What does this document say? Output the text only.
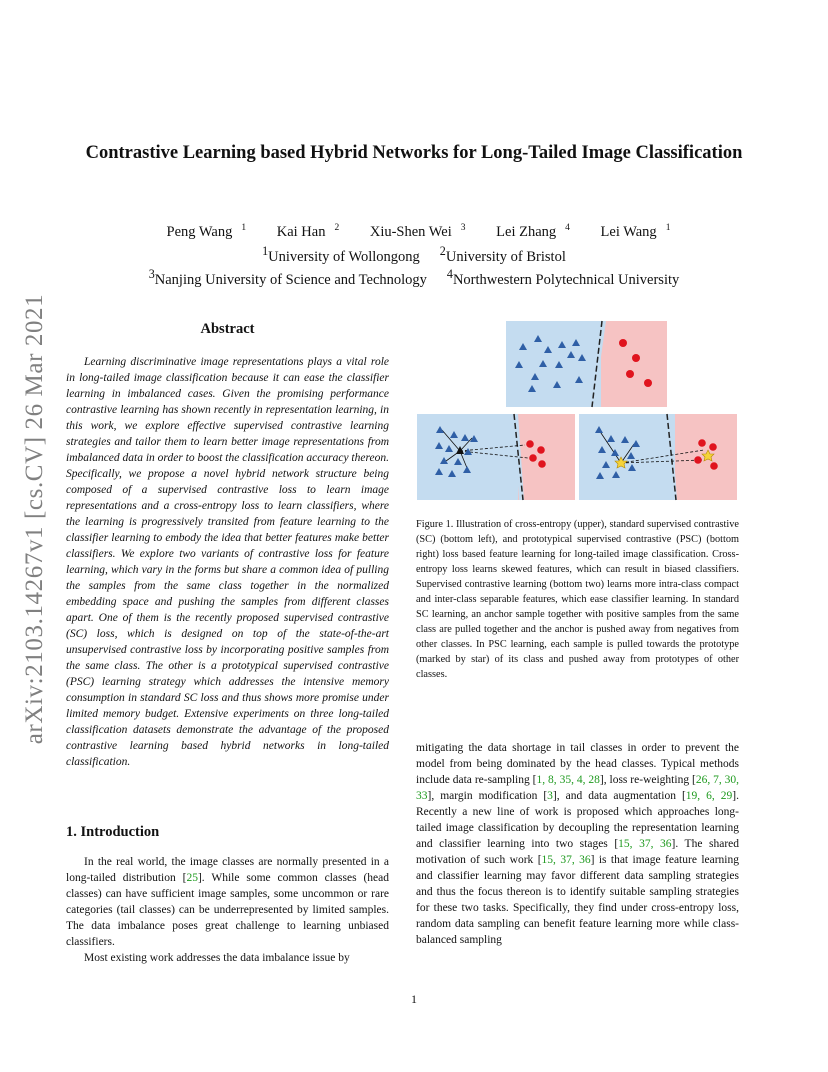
Contrastive Learning based Hybrid Networks for Long-Tailed Image Classification
Peng Wang $^1$ Kai Han $^2$ Xiu-Shen Wei $^3$ Lei Zhang $^4$ Lei Wang $^1$
$^1$University of Wollongong $^2$University of Bristol
$^3$Nanjing University of Science and Technology $^4$Northwestern Polytechnical University
arXiv:2103.14267v1 [cs.CV] 26 Mar 2021	Abstract
Learning discriminative image representations plays a vital role in long-tailed image classification because it can ease the classifier learning in imbalanced cases. Given the promising performance contrastive learning has shown recently in representation learning, in this work, we explore effective supervised contrastive learning strategies and tailor them to learn better image representations from imbalanced data in order to boost the classification accuracy thereon. Specifically, we propose a novel hybrid network structure being composed of a supervised contrastive loss to learn image representations and a cross-entropy loss to learn classifiers, where the learning is progressively transited from feature learning to the classifier learning to embody the idea that better features make better classifiers. We explore two variants of contrastive loss for feature learning, which vary in the forms but share a common idea of pulling the samples from the same class together in the normalized embedding space and pushing the samples from different classes apart. One of them is the recently proposed supervised contrastive (SC) loss, which is designed on top of the state-of-the-art unsupervised contrastive loss by incorporating positive samples from the same class. The other is a prototypical supervised contrastive (PSC) learning strategy which addresses the intensive memory consumption in standard SC loss and thus shows more promise under limited memory budget. Extensive experiments on three long-tailed classification datasets demonstrate the advantage of the proposed contrastive learning based hybrid networks in long-tailed classification.
1. Introduction

In the real world, the image classes are normally presented in a long-tailed distribution [25]. While some common classes (head classes) can have sufficient image samples, some uncommon or rare categories (tail classes) can be underrepresented by limited samples. The data imbalance poses great challenge to learning unbiased classifiers.

Most existing work addresses the data imbalance issue by

Figure 1. Illustration of cross-entropy (upper), standard supervised contrastive (SC) (bottom left), and prototypical supervised contrastive (PSC) (bottom right) loss based feature learning for long-tailed image classification. Cross-entropy loss learns skewed features, which can result in biased classifiers. Supervised contrastive learning (bottom two) learns more intra-class compact and inter-class separable features, which ease classifier learning. In standard SC learning, an anchor sample together with positive samples from the same class are pulled together and the anchor is pushed away from negatives from other classes. In PSC learning, each sample is pulled towards the prototype (marked by star) of its class and pushed away from prototypes of other classes.
mitigating the data shortage in tail classes in order to prevent the model from being dominated by the head classes. Typical methods include data re-sampling [1, 8, 35, 4, 28], loss re-weighting [26, 7, 30, 33], margin modification [3], and data augmentation [19, 6, 29]. Recently a new line of work is proposed which approaches long-tailed image classification by decoupling the representation learning and classifier learning into two stages [15, 37, 36]. The shared motivation of such work [15, 37, 36] is that image feature learning and classifier learning may favor different data sampling strategies and thus the focus thereon is to identify suitable sampling strategies for these two tasks. Specifically, they find under cross-entropy loss, random data sampling can benefit feature learning more while class-balanced sampling
1
